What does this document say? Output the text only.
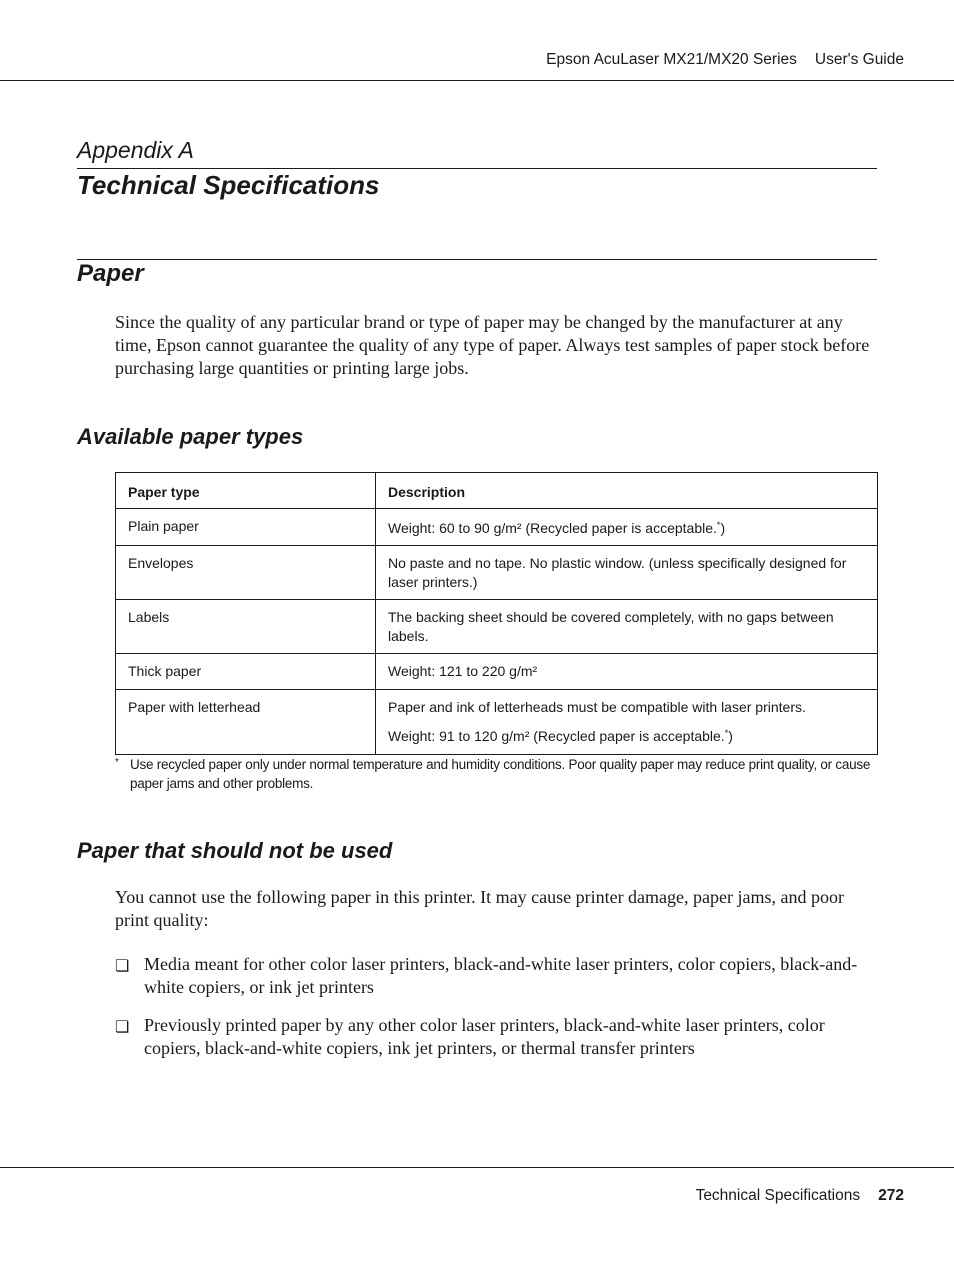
Epson AcuLaser MX21/MX20 Series User's Guide
Appendix A
Technical Specifications
Paper
Since the quality of any particular brand or type of paper may be changed by the manufacturer at any time, Epson cannot guarantee the quality of any type of paper. Always test samples of paper stock before purchasing large quantities or printing large jobs.
Available paper types
Paper type	Description
Plain paper	Weight: 60 to 90 g/m² (Recycled paper is acceptable.*)
Envelopes	No paste and no tape. No plastic window. (unless specifically designed for laser printers.)
Labels	The backing sheet should be covered completely, with no gaps between labels.
Thick paper	Weight: 121 to 220 g/m²
Paper with letterhead	Paper and ink of letterheads must be compatible with laser printers.

Weight: 91 to 120 g/m² (Recycled paper is acceptable.*)

* Use recycled paper only under normal temperature and humidity conditions. Poor quality paper may reduce print quality, or cause paper jams and other problems.
Paper that should not be used
You cannot use the following paper in this printer. It may cause printer damage, paper jams, and poor print quality:
❏ Media meant for other color laser printers, black-and-white laser printers, color copiers, black-and-white copiers, or ink jet printers
❏ Previously printed paper by any other color laser printers, black-and-white laser printers, color copiers, black-and-white copiers, ink jet printers, or thermal transfer printers
Technical Specifications 272
